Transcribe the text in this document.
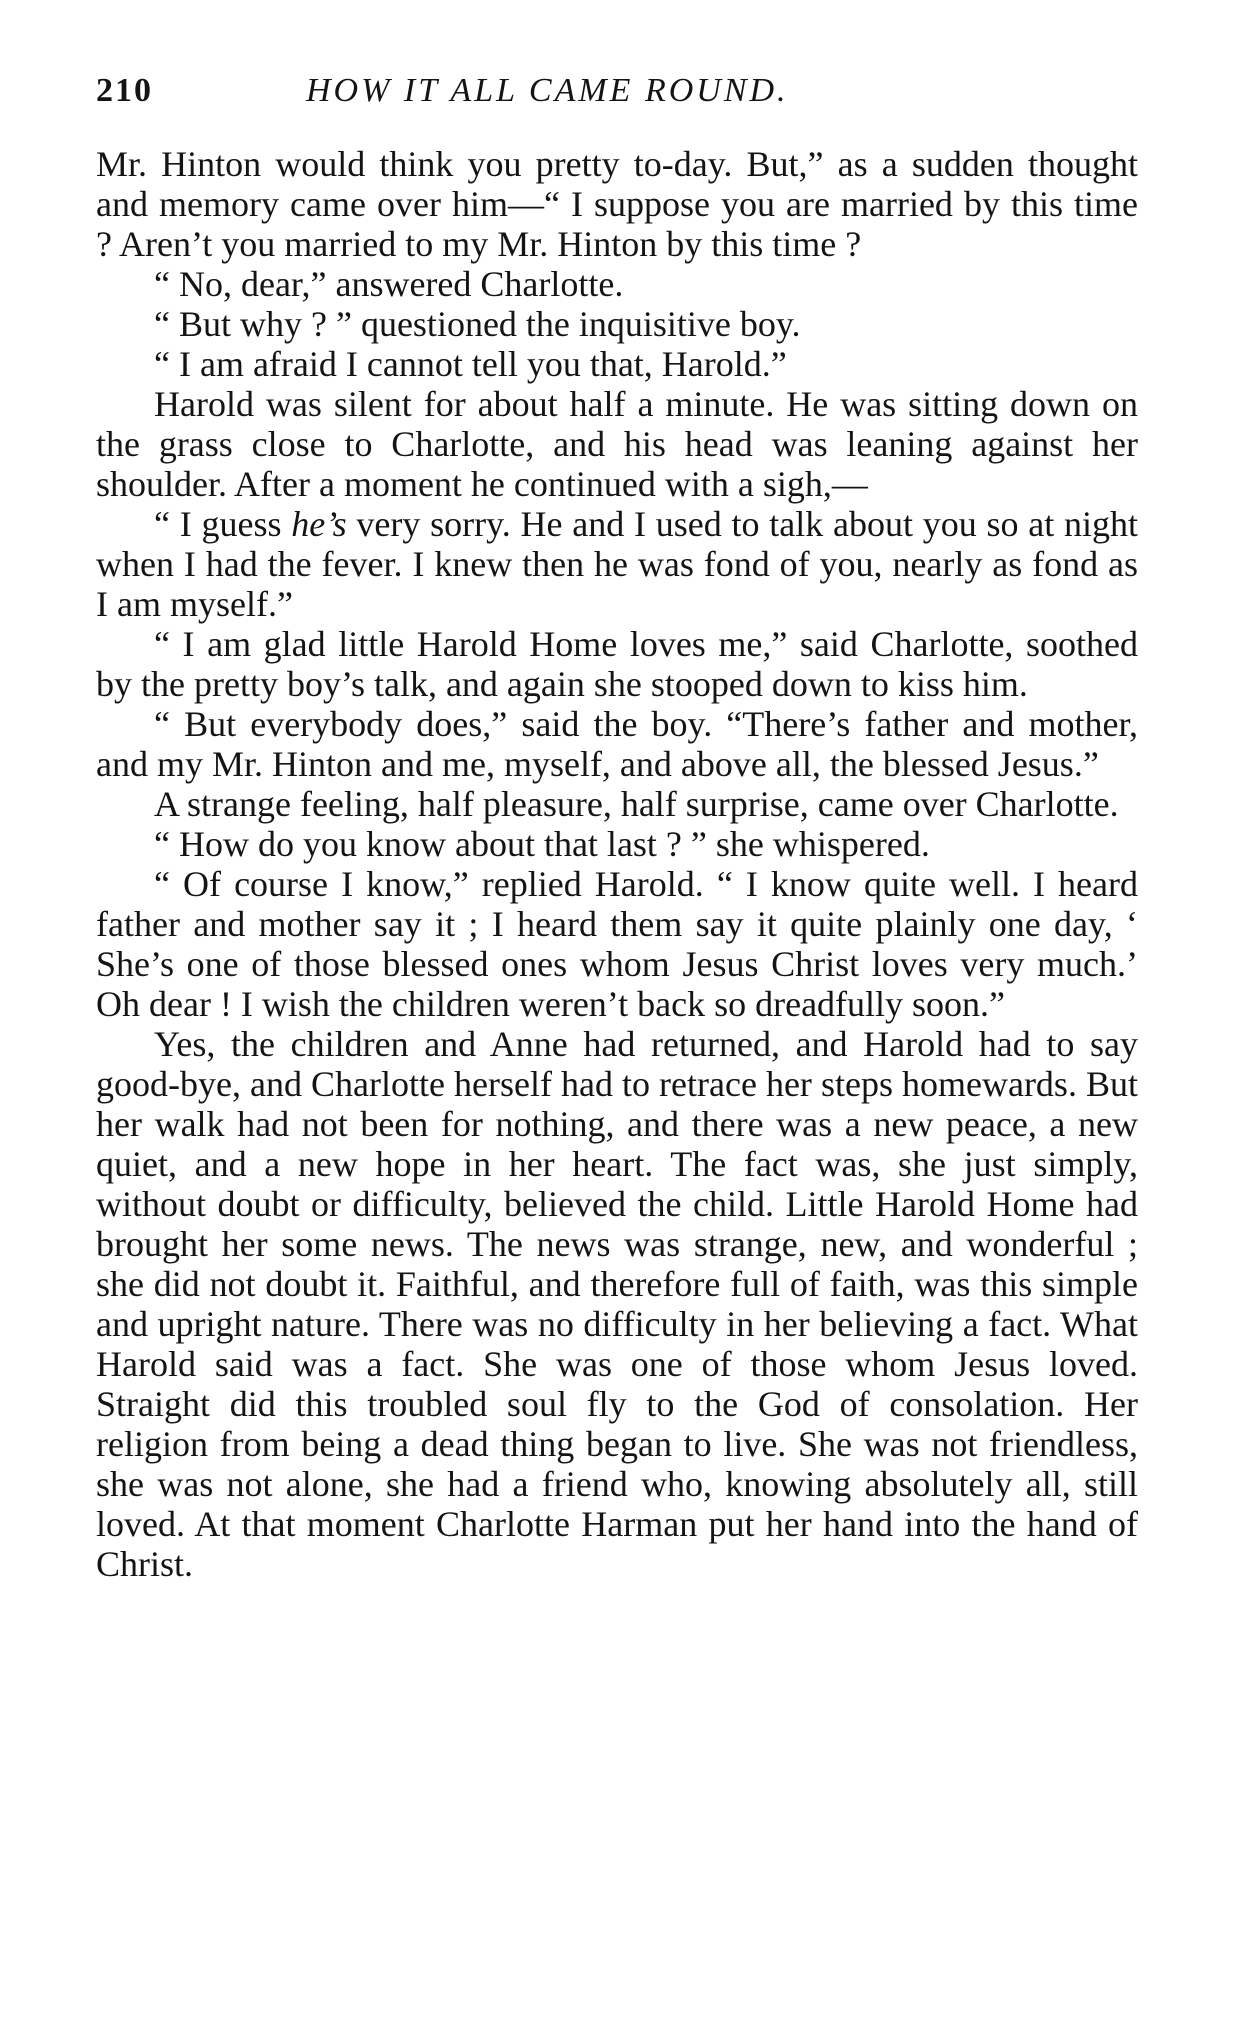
210	HOW IT ALL CAME ROUND.

Mr. Hinton would think you pretty to-day. But,” as a sudden thought and memory came over him—“ I suppose you are married by this time ? Aren’t you married to my Mr. Hinton by this time ?

“ No, dear,” answered Charlotte.

“ But why ? ” questioned the inquisitive boy.

“ I am afraid I cannot tell you that, Harold.”

Harold was silent for about half a minute. He was sitting down on the grass close to Charlotte, and his head was leaning against her shoulder. After a moment he continued with a sigh,—

“ I guess he’s very sorry. He and I used to talk about you so at night when I had the fever. I knew then he was fond of you, nearly as fond as I am myself.”

“ I am glad little Harold Home loves me,” said Charlotte, soothed by the pretty boy’s talk, and again she stooped down to kiss him.

“ But everybody does,” said the boy. “There’s father and mother, and my Mr. Hinton and me, myself, and above all, the blessed Jesus.”

A strange feeling, half pleasure, half surprise, came over Charlotte.

“ How do you know about that last ? ” she whispered.

“ Of course I know,” replied Harold. “ I know quite well. I heard father and mother say it ; I heard them say it quite plainly one day, ‘ She’s one of those blessed ones whom Jesus Christ loves very much.’ Oh dear ! I wish the children weren’t back so dreadfully soon.”

Yes, the children and Anne had returned, and Harold had to say good-bye, and Charlotte herself had to retrace her steps homewards. But her walk had not been for nothing, and there was a new peace, a new quiet, and a new hope in her heart. The fact was, she just simply, without doubt or difficulty, believed the child. Little Harold Home had brought her some news. The news was strange, new, and wonderful ; she did not doubt it. Faithful, and therefore full of faith, was this simple and upright nature. There was no difficulty in her believing a fact. What Harold said was a fact. She was one of those whom Jesus loved. Straight did this troubled soul fly to the God of consolation. Her religion from being a dead thing began to live. She was not friendless, she was not alone, she had a friend who, knowing absolutely all, still loved. At that moment Charlotte Harman put her hand into the hand of Christ.
